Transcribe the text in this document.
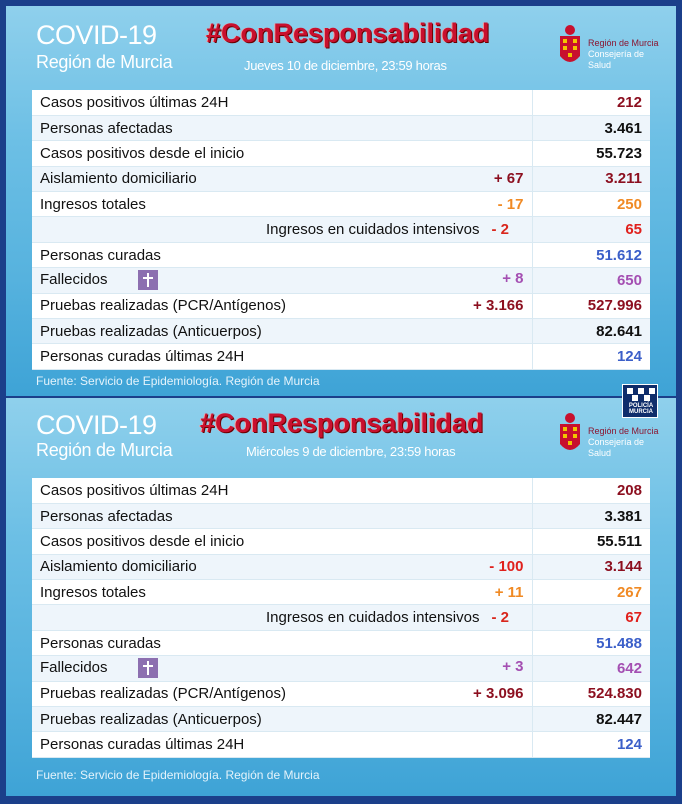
COVID-19
Región de Murcia
#ConResponsabilidad
Jueves 10 de diciembre, 23:59 horas
Región de Murcia
Consejería de Salud
Casos positivos últimas 24H	212
Personas afectadas	3.461
Casos positivos desde el inicio	55.723
Aislamiento domiciliario + 67	3.211
Ingresos totales - 17	250
Ingresos en cuidados intensivos - 2	65
Personas curadas	51.612
Fallecidos + 8	650
Pruebas realizadas (PCR/Antígenos) + 3.166	527.996
Pruebas realizadas (Anticuerpos)	82.641
Personas curadas últimas 24H	124
Fuente: Servicio de Epidemiología. Región de Murcia
COVID-19
Región de Murcia
#ConResponsabilidad
Miércoles 9 de diciembre, 23:59 horas
Región de Murcia
Consejería de Salud
Casos positivos últimas 24H	208
Personas afectadas	3.381
Casos positivos desde el inicio	55.511
Aislamiento domiciliario - 100	3.144
Ingresos totales + 11	267
Ingresos en cuidados intensivos - 2	67
Personas curadas	51.488
Fallecidos + 3	642
Pruebas realizadas (PCR/Antígenos) + 3.096	524.830
Pruebas realizadas (Anticuerpos)	82.447
Personas curadas últimas 24H	124
Fuente: Servicio de Epidemiología. Región de Murcia
POLICÍA MURCIA
